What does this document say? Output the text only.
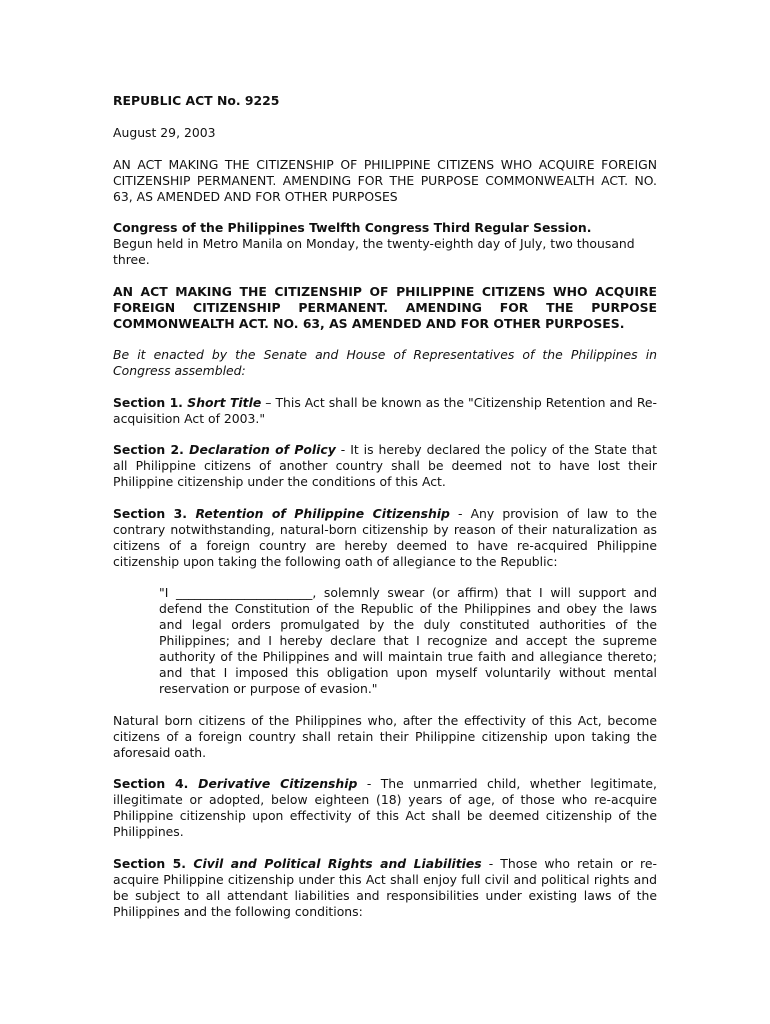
REPUBLIC ACT No. 9225

August 29, 2003

AN ACT MAKING THE CITIZENSHIP OF PHILIPPINE CITIZENS WHO ACQUIRE FOREIGN CITIZENSHIP PERMANENT. AMENDING FOR THE PURPOSE COMMONWEALTH ACT. NO. 63, AS AMENDED AND FOR OTHER PURPOSES

Congress of the Philippines Twelfth Congress Third Regular Session.
Begun held in Metro Manila on Monday, the twenty-eighth day of July, two thousand three.

AN ACT MAKING THE CITIZENSHIP OF PHILIPPINE CITIZENS WHO ACQUIRE FOREIGN CITIZENSHIP PERMANENT. AMENDING FOR THE PURPOSE COMMONWEALTH ACT. NO. 63, AS AMENDED AND FOR OTHER PURPOSES.

Be it enacted by the Senate and House of Representatives of the Philippines in Congress assembled:

Section 1. Short Title – This Act shall be known as the "Citizenship Retention and Re-acquisition Act of 2003."

Section 2. Declaration of Policy - It is hereby declared the policy of the State that all Philippine citizens of another country shall be deemed not to have lost their Philippine citizenship under the conditions of this Act.

Section 3. Retention of Philippine Citizenship - Any provision of law to the contrary notwithstanding, natural-born citizenship by reason of their naturalization as citizens of a foreign country are hereby deemed to have re-acquired Philippine citizenship upon taking the following oath of allegiance to the Republic:

"I ______________________, solemnly swear (or affirm) that I will support and defend the Constitution of the Republic of the Philippines and obey the laws and legal orders promulgated by the duly constituted authorities of the Philippines; and I hereby declare that I recognize and accept the supreme authority of the Philippines and will maintain true faith and allegiance thereto; and that I imposed this obligation upon myself voluntarily without mental reservation or purpose of evasion."

Natural born citizens of the Philippines who, after the effectivity of this Act, become citizens of a foreign country shall retain their Philippine citizenship upon taking the aforesaid oath.

Section 4. Derivative Citizenship - The unmarried child, whether legitimate, illegitimate or adopted, below eighteen (18) years of age, of those who re-acquire Philippine citizenship upon effectivity of this Act shall be deemed citizenship of the Philippines.

Section 5. Civil and Political Rights and Liabilities - Those who retain or re-acquire Philippine citizenship under this Act shall enjoy full civil and political rights and be subject to all attendant liabilities and responsibilities under existing laws of the Philippines and the following conditions:
